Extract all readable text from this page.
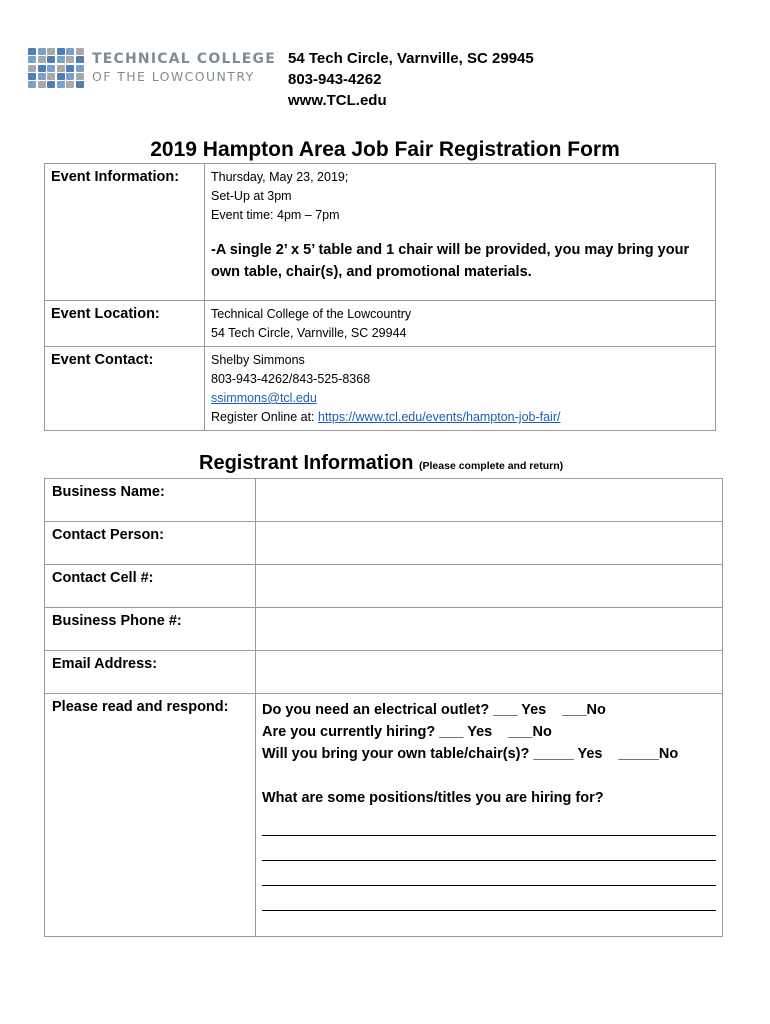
TECHNICAL COLLEGE
OF THE LOWCOUNTRY
54 Tech Circle, Varnville, SC 29945
803-943-4262
www.TCL.edu
2019 Hampton Area Job Fair Registration Form
Event Information:	Thursday, May 23, 2019;
Set-Up at 3pm
Event time: 4pm – 7pm
-A single 2’ x 5’ table and 1 chair will be provided, you may bring your own table, chair(s), and promotional materials.

Event Location:	Technical College of the Lowcountry
54 Tech Circle, Varnville, SC 29944

Event Contact:	Shelby Simmons
803-943-4262/843-525-8368
ssimmons@tcl.edu
Register Online at: https://www.tcl.edu/events/hampton-job-fair/
Registrant Information (Please complete and return)
Business Name:	
Contact Person:	
Contact Cell #:	
Business Phone #:	
Email Address:	
Please read and respond:	Do you need an electrical outlet? ___ Yes    ___No
Are you currently hiring? ___ Yes    ___No
Will you bring your own table/chair(s)? _____ Yes    _____No
What are some positions/titles you are hiring for?
